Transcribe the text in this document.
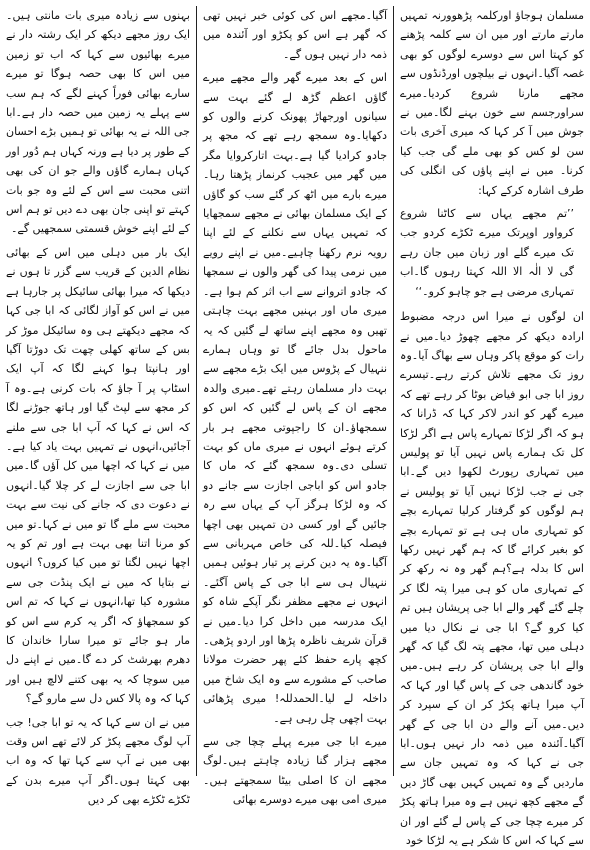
مسلمان ہوجاؤ اورکلمہ پڑھوورنہ تمہیں مارتے مارتے اور میں ان سے کلمہ پڑھنے کو کہتا اس سے دوسرے لوگوں کو بھی غصہ آگیا۔انہوں نے بیلچوں اورڈنڈوں سے مجھے مارنا شروع کردیا۔میرے سراورجسم سے خون بہنے لگا۔میں نے جوش میں آ کر کہا کہ میری آخری بات سن لو کس کو بھی ملے گی جب کیا کرنا۔ میں نے اپنے پاؤں کی انگلی کی طرف اشارہ کرکے کہا:

’’تم مجھے یہاں سے کاٹنا شروع کرواور اوپرتک میرے ٹکڑے کردو جب تک میرے گلے اور زبان میں جان رہے گی لا الٰہ الا اللہ کہتا رہوں گا۔اب تمہاری مرضی ہے جو چاہو کرو۔‘‘

ان لوگوں نے میرا اس درجہ مضبوط ارادہ دیکھ کر مجھے چھوڑ دیا۔میں نے رات کو موقع پاکر وہاں سے بھاگ آیا۔وہ روز تک مجھے تلاش کرتے رہے۔تیسرے روز ابا جی ابو فیاض بوٹا کر رہے تھے کہ میرے گھر کو اندر لاکر کہا کہ ڈرانا کہ ہو کہ اگر لڑکا تمہارے پاس ہے اگر لڑکا کل تک ہمارے پاس نہیں آیا تو پولیس میں تمہاری رپورٹ لکھوا دیں گے۔ابا جی نے جب لڑکا نہیں آیا تو پولیس نے ہم لوگوں کو گرفتار کرلیا تمہارے بچے کو تمہاری ماں ہی ہے تو تمہارے بچے کو بغیر کرائے گا کہ ہم گھر نہیں رکھا اس کا بدلہ ہے؟ہم گھر وہ نہ رکھ کر کے تمہاری ماں کو ہی میرا پتہ لگا کر چلے گئے گھر والے ابا جی پریشان ہیں تم کیا کرو گے؟ ابا جی نے نکال دیا میں دہلی میں تھا، مجھے پتہ لگ گیا کہ گھر والے ابا جی پریشان کر رہے ہیں۔میں خود گاندھی جی کے پاس گیا اور کہا کہ آپ میرا ہاتھ پکڑ کر ان کے سپرد کر دیں۔میں آنے والے دن ابا جی کے گھر آگیا۔آئندہ میں ذمہ دار نہیں ہوں۔ابا جی نے کہا کہ وہ تمہیں جان سے ماردیں گے وہ تمہیں کہیں بھی گاڑ دیں گے مجھے کچھ نہیں ہے وہ میرا ہاتھ پکڑ کر میرے چچا جی کے پاس لے گئے اور ان سے کہا کہ اس کا شکر ہے یہ لڑکا خود

آگیا۔مجھے اس کی کوئی خبر نہیں تھی کہ گھر ہے اس کو پکڑو اور آئندہ میں ذمہ دار نہیں ہوں گے۔

اس کے بعد میرے گھر والے مجھے میرے گاؤں اعظم گڑھ لے گئے بہت سے سیانوں اورجھاڑ پھونک کرنے والوں کو دکھایا۔وہ سمجھ رہے تھے کہ مجھ پر جادو کرادیا گیا ہے۔بہت اتارکروایا مگر میں گھر میں عجیب کرنماز پڑھتا رہا۔میرے بارے میں اٹھ کر گئے سب کو گاؤں کے ایک مسلمان بھائی نے مجھے سمجھایا کہ تمہیں یہاں سے نکلنے کے لئے اپنا رویہ نرم رکھنا چاہیے۔میں نے اپنے رویے میں نرمی پیدا کی گھر والوں نے سمجھا کہ جادو اتروانے سے اب اثر کم ہوا ہے۔میری ماں اور بہنیں مجھے بہت چاہتی تھیں وہ مجھے اپنے ساتھ لے گئیں کہ یہ ماحول بدل جائے گا تو وہاں ہمارے ننہیال کے پڑوس میں ایک بڑے مجھے سے بہت دار مسلمان رہتے تھے۔میری والدہ مجھے ان کے پاس لے گئیں کہ اس کو سمجھاؤ۔ان کا راجپوتی مجھے ہر بار کرتے ہوئے انہوں نے میری ماں کو بہت تسلی دی۔وہ سمجھ گئے کہ ماں کا جادو اس کو اباجی اجازت سے جانے دو کہ وہ لڑکا ہرگز آپ کے یہاں سے رہ جائیں گے اور کسی دن تمہیں بھی اچھا فیصلہ کیا۔للہ کی خاص مہربانی سے آگیا۔وہ یہ دین کرنے پر تیار ہوئیں ہمیں ننہیال ہی سے ابا جی کے پاس آگئے۔انہوں نے مجھے مظفر نگر آپکے شاہ کو ایک مدرسہ میں داخل کرا دیا۔میں نے قرآن شریف ناظرہ پڑھا اور اردو پڑھی۔کچھ پارے حفظ کئے پھر حضرت مولانا صاحب کے مشورے سے وہ ایک شاخ میں داخلہ لے لیا۔الحمدللہ! میری پڑھائی بہت اچھی چل رہی ہے۔

میرے ابا جی میرے پہلے چچا جی سے مجھے ہزار گنا زیادہ چاہتے ہیں۔لوگ مجھے ان کا اصلی بیٹا سمجھتے ہیں۔میری امی بھی میرے دوسرے بھائی

بہنوں سے زیادہ میری بات مانتی ہیں۔ایک روز مجھے دیکھ کر ایک رشتہ دار نے میرے بھائیوں سے کہا کہ اب تو زمین میں اس کا بھی حصہ ہوگا تو میرے سارے بھائی فوراً کہنے لگے کہ ہم سب سے پہلے یہ زمین میں حصہ دار ہے۔ابا جی اللہ نے یہ بھائی تو ہمیں بڑے احسان کے طور پر دیا ہے ورنہ کہاں ہم دُور اور کہاں ہمارے گاؤں والے جو ان کی بھی اتنی محبت سے اس کے لئے وہ جو بات کہتے تو اپنی جان بھی دے دیں تو ہم اس کے لئے اپنے خوش قسمتی سمجھیں گے۔

ایک بار میں دہلی میں اس کے بھائی نظام الدین کے قریب سے گزر تا ہوں نے دیکھا کہ میرا بھائی سائیکل پر جارہا ہے میں نے اس کو آواز لگائی کہ ابا جی کہا کہ مجھے دیکھتے ہی وہ سائیکل موڑ کر بس کے ساتھ کھلی چھت تک دوڑتا آگیا اور ہانپتا ہوا کہنے لگا کہ آپ ایک اسٹاپ پر آ جاؤ کہ بات کرنی ہے۔وہ آ کر مجھ سے لپٹ گیا اور ہاتھ جوڑنے لگا کہ اس نے کہا کہ آپ ابا جی سے ملنے آجائیں،انہوں نے تمہیں بہت یاد کیا ہے۔میں نے کہا کہ اچھا میں کل آؤں گا۔میں ابا جی سے اجازت لے کر چلا گیا۔انہوں نے دعوت دی کہ جانے کی نیت سے بہت محبت سے ملے گا تو میں نے کہا۔تو میں کو مرنا اتنا بھی بہت ہے اور تم کو یہ اچھا نہیں لگتا تو میں کیا کروں؟ انہوں نے بتایا کہ میں نے ایک پنڈت جی سے مشورہ کیا تھا،انہوں نے کہا کہ تم اس کو سمجھاؤ کہ اگر یہ کرم سے اس کو مار ہو جائے تو میرا سارا خاندان کا دھرم بھرشٹ کر دے گا۔میں نے اپنے دل میں سوچا کہ یہ بھی کتنے لالچ ہیں اور کہا کہ وہ پالا کس دل سے مارو گے؟

میں نے ان سے کہا کہ یہ تو ابا جی! جب آپ لوگ مجھے پکڑ کر لائے تھے اس وقت بھی میں نے آپ سے کہا تھا کہ وہ اب بھی کہتا ہوں۔اگر آپ میرے بدن کے ٹکڑے ٹکڑے بھی کر دیں
